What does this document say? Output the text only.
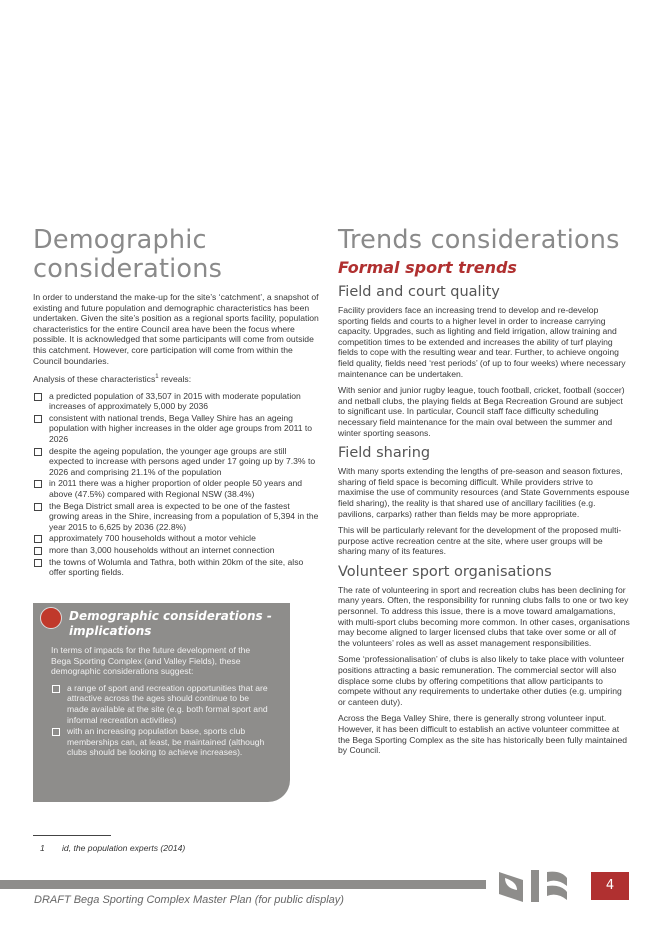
Demographic
considerations

In order to understand the make-up for the site’s ‘catchment’, a snapshot of existing and future population and demographic characteristics has been undertaken. Given the site’s position as a regional sports facility, population characteristics for the entire Council area have been the focus where possible. It is acknowledged that some participants will come from outside this catchment. However, core participation will come from within the Council boundaries.

Analysis of these characteristics$^1$ reveals:

a predicted population of 33,507 in 2015 with moderate population increases of approximately 5,000 by 2036
consistent with national trends, Bega Valley Shire has an ageing population with higher increases in the older age groups from 2011 to 2026
despite the ageing population, the younger age groups are still expected to increase with persons aged under 17 going up by 7.3% to 2026 and comprising 21.1% of the population
in 2011 there was a higher proportion of older people 50 years and above (47.5%) compared with Regional NSW (38.4%)
the Bega District small area is expected to be one of the fastest growing areas in the Shire, increasing from a population of 5,394 in the year 2015 to 6,625 by 2036 (22.8%)
approximately 700 households without a motor vehicle
more than 3,000 households without an internet connection
the towns of Wolumla and Tathra, both within 20km of the site, also offer sporting fields.
Demographic considerations -
implications

In terms of impacts for the future development of the Bega Sporting Complex (and Valley Fields), these demographic considerations suggest:

a range of sport and recreation opportunities that are attractive across the ages should continue to be made available at the site (e.g. both formal sport and informal recreation activities)
with an increasing population base, sports club memberships can, at least, be maintained (although clubs should be looking to achieve increases).
Trends considerations
Formal sport trends
Field and court quality

Facility providers face an increasing trend to develop and re-develop sporting fields and courts to a higher level in order to increase carrying capacity. Upgrades, such as lighting and field irrigation, allow training and competition times to be extended and increases the ability of turf playing fields to cope with the resulting wear and tear. Further, to achieve ongoing field quality, fields need ‘rest periods’ (of up to four weeks) where necessary maintenance can be undertaken.

With senior and junior rugby league, touch football, cricket, football (soccer) and netball clubs, the playing fields at Bega Recreation Ground are subject to significant use. In particular, Council staff face difficulty scheduling necessary field maintenance for the main oval between the summer and winter sporting seasons.

Field sharing

With many sports extending the lengths of pre-season and season fixtures, sharing of field space is becoming difficult. While providers strive to maximise the use of community resources (and State Governments espouse field sharing), the reality is that shared use of ancillary facilities (e.g. pavilions, carparks) rather than fields may be more appropriate.

This will be particularly relevant for the development of the proposed multi-purpose active recreation centre at the site, where user groups will be sharing many of its features.

Volunteer sport organisations

The rate of volunteering in sport and recreation clubs has been declining for many years. Often, the responsibility for running clubs falls to one or two key personnel. To address this issue, there is a move toward amalgamations, with multi-sport clubs becoming more common. In other cases, organisations may become aligned to larger licensed clubs that take over some or all of the volunteers’ roles as well as asset management responsibilities.

Some ‘professionalisation’ of clubs is also likely to take place with volunteer positions attracting a basic remuneration. The commercial sector will also displace some clubs by offering competitions that allow participants to compete without any requirements to undertake other duties (e.g. umpiring or canteen duty).

Across the Bega Valley Shire, there is generally strong volunteer input. However, it has been difficult to establish an active volunteer committee at the Bega Sporting Complex as the site has historically been fully maintained by Council.

1 id, the population experts (2014)
DRAFT Bega Sporting Complex Master Plan (for public display)
4
